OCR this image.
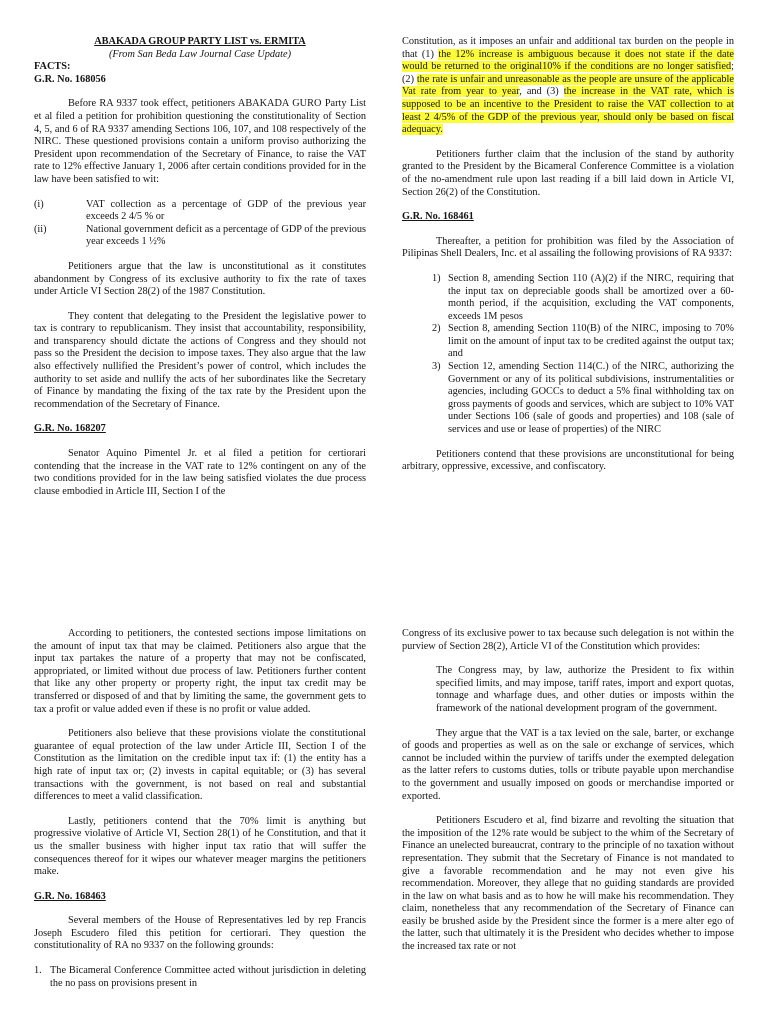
ABAKADA GROUP PARTY LIST vs. ERMITA

(From San Beda Law Journal Case Update)

FACTS:

G.R. No. 168056

Before RA 9337 took effect, petitioners ABAKADA GURO Party List et al filed a petition for prohibition questioning the constitutionality of Section 4, 5, and 6 of RA 9337 amending Sections 106, 107, and 108 respectively of the NIRC. These questioned provisions contain a uniform proviso authorizing the President upon recommendation of the Secretary of Finance, to raise the VAT rate to 12% effective January 1, 2006 after certain conditions provided for in the law have been satisfied to wit:

(i)	VAT collection as a percentage of GDP of the previous year exceeds 2 4/5 % or
(ii)	National government deficit as a percentage of GDP of the previous year exceeds 1 ½%

Petitioners argue that the law is unconstitutional as it constitutes abandonment by Congress of its exclusive authority to fix the rate of taxes under Article VI Section 28(2) of the 1987 Constitution.

They content that delegating to the President the legislative power to tax is contrary to republicanism. They insist that accountability, responsibility, and transparency should dictate the actions of Congress and they should not pass so the President the decision to impose taxes. They also argue that the law also effectively nullified the President’s power of control, which includes the authority to set aside and nullify the acts of her subordinates like the Secretary of Finance by mandating the fixing of the tax rate by the President upon the recommendation of the Secretary of Finance.

G.R. No. 168207

Senator Aquino Pimentel Jr. et al filed a petition for certiorari contending that the increase in the VAT rate to 12% contingent on any of the two conditions provided for in the law being satisfied violates the due process clause embodied in Article III, Section I of the

Constitution, as it imposes an unfair and additional tax burden on the people in that (1) the 12% increase is ambiguous because it does not state if the date would be returned to the original10% if the conditions are no longer satisfied; (2) the rate is unfair and unreasonable as the people are unsure of the applicable Vat rate from year to year, and (3) the increase in the VAT rate, which is supposed to be an incentive to the President to raise the VAT collection to at least 2 4/5% of the GDP of the previous year, should only be based on fiscal adequacy.

Petitioners further claim that the inclusion of the stand by authority granted to the President by the Bicameral Conference Committee is a violation of the no-amendment rule upon last reading if a bill laid down in Article VI, Section 26(2) of the Constitution.

G.R. No. 168461

Thereafter, a petition for prohibition was filed by the Association of Pilipinas Shell Dealers, Inc. et al assailing the following provisions of RA 9337:

1) Section 8, amending Section 110 (A)(2) if the NIRC, requiring that the input tax on depreciable goods shall be amortized over a 60-month period, if the acquisition, excluding the VAT components, exceeds 1M pesos
2) Section 8, amending Section 110(B) of the NIRC, imposing to 70% limit on the amount of input tax to be credited against the output tax; and
3) Section 12, amending Section 114(C.) of the NIRC, authorizing the Government or any of its political subdivisions, instrumentalities or agencies, including GOCCs to deduct a 5% final withholding tax on gross payments of goods and services, which are subject to 10% VAT under Sections 106 (sale of goods and properties) and 108 (sale of services and use or lease of properties) of the NIRC

Petitioners contend that these provisions are unconstitutional for being arbitrary, oppressive, excessive, and confiscatory.

According to petitioners, the contested sections impose limitations on the amount of input tax that may be claimed. Petitioners also argue that the input tax partakes the nature of a property that may not be confiscated, appropriated, or limited without due process of law. Petitioners further content that like any other property or property right, the input tax credit may be transferred or disposed of and that by limiting the same, the government gets to tax a profit or value added even if these is no profit or value added.

Petitioners also believe that these provisions violate the constitutional guarantee of equal protection of the law under Article III, Section I of the Constitution as the limitation on the credible input tax if: (1) the entity has a high rate of input tax or; (2) invests in capital equitable; or (3) has several transactions with the government, is not based on real and substantial differences to meet a valid classification.

Lastly, petitioners contend that the 70% limit is anything but progressive violative of Article VI, Section 28(1) of he Constitution, and that it us the smaller business with higher input tax ratio that will suffer the consequences thereof for it wipes our whatever meager margins the petitioners make.

G.R. No. 168463

Several members of the House of Representatives led by rep Francis Joseph Escudero filed this petition for certiorari. They question the constitutionality of RA no 9337 on the following grounds:

1. The Bicameral Conference Committee acted without jurisdiction in deleting the no pass on provisions present in

Congress of its exclusive power to tax because such delegation is not within the purview of Section 28(2), Article VI of the Constitution which provides:

The Congress may, by law, authorize the President to fix within specified limits, and may impose, tariff rates, import and export quotas, tonnage and wharfage dues, and other duties or imposts within the framework of the national development program of the government.

They argue that the VAT is a tax levied on the sale, barter, or exchange of goods and properties as well as on the sale or exchange of services, which cannot be included within the purview of tariffs under the exempted delegation as the latter refers to customs duties, tolls or tribute payable upon merchandise to the government and usually imposed on goods or merchandise imported or exported.

Petitioners Escudero et al, find bizarre and revolting the situation that the imposition of the 12% rate would be subject to the whim of the Secretary of Finance an unelected bureaucrat, contrary to the principle of no taxation without representation. They submit that the Secretary of Finance is not mandated to give a favorable recommendation and he may not even give his recommendation. Moreover, they allege that no guiding standards are provided in the law on what basis and as to how he will make his recommendation. They claim, nonetheless that any recommendation of the Secretary of Finance can easily be brushed aside by the President since the former is a mere alter ego of the latter, such that ultimately it is the President who decides whether to impose the increased tax rate or not
